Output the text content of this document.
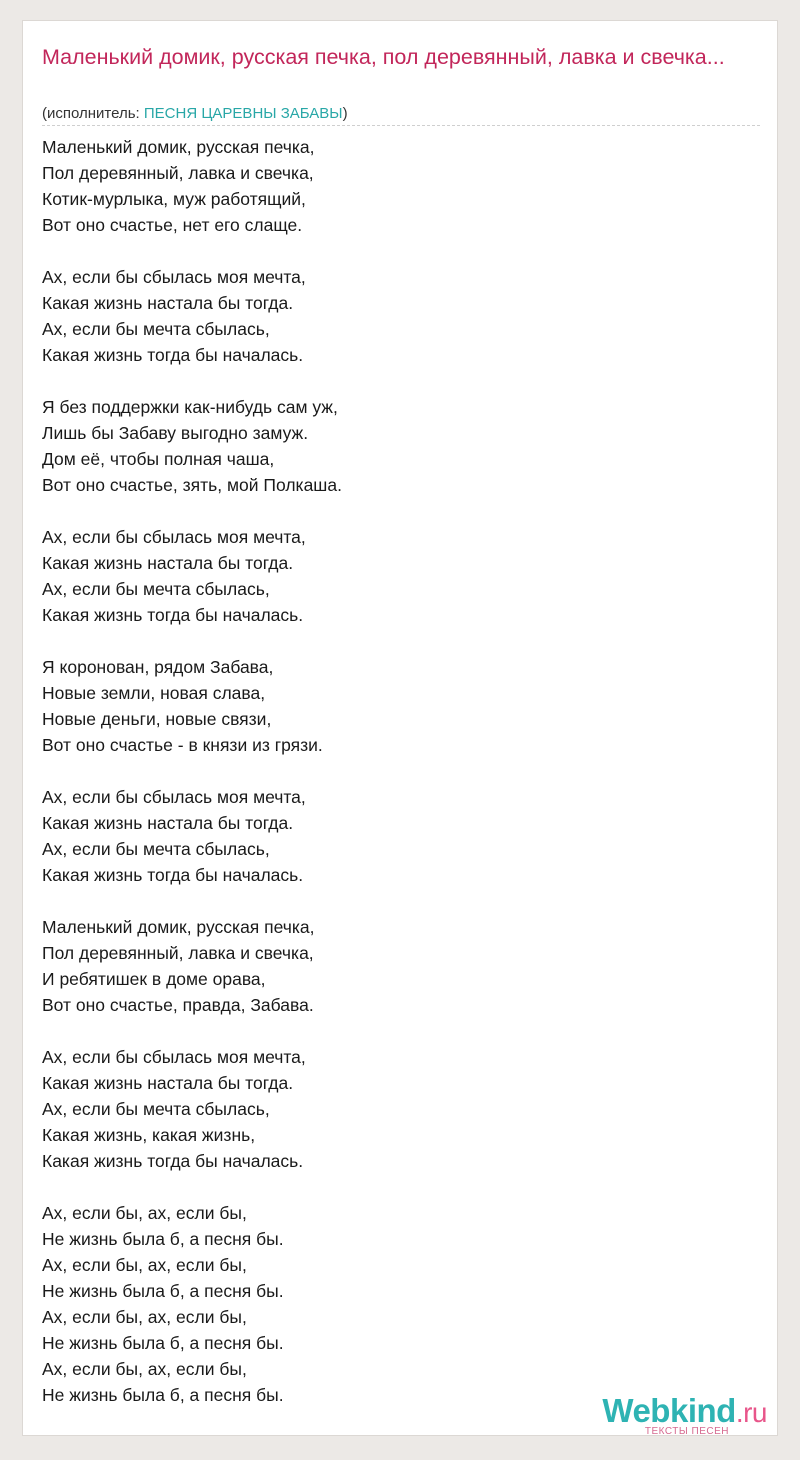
Маленький домик, русская печка, пол деревянный, лавка и свечка...
(исполнитель: ПЕСНЯ ЦАРЕВНЫ ЗАБАВЫ)
Маленький домик, русская печка,
Пол деревянный, лавка и свечка,
Котик-мурлыка, муж работящий,
Вот оно счастье, нет его слаще.
Ах, если бы сбылась моя мечта,
Какая жизнь настала бы тогда.
Ах, если бы мечта сбылась,
Какая жизнь тогда бы началась.
Я без поддержки как-нибудь сам уж,
Лишь бы Забаву выгодно замуж.
Дом её, чтобы полная чаша,
Вот оно счастье, зять, мой Полкаша.
Ах, если бы сбылась моя мечта,
Какая жизнь настала бы тогда.
Ах, если бы мечта сбылась,
Какая жизнь тогда бы началась.
Я коронован, рядом Забава,
Новые земли, новая слава,
Новые деньги, новые связи,
Вот оно счастье - в князи из грязи.
Ах, если бы сбылась моя мечта,
Какая жизнь настала бы тогда.
Ах, если бы мечта сбылась,
Какая жизнь тогда бы началась.
Маленький домик, русская печка,
Пол деревянный, лавка и свечка,
И ребятишек в доме орава,
Вот оно счастье, правда, Забава.
Ах, если бы сбылась моя мечта,
Какая жизнь настала бы тогда.
Ах, если бы мечта сбылась,
Какая жизнь, какая жизнь,
Какая жизнь тогда бы началась.
Ах, если бы, ах, если бы,
Не жизнь была б, а песня бы.
Ах, если бы, ах, если бы,
Не жизнь была б, а песня бы.
Ах, если бы, ах, если бы,
Не жизнь была б, а песня бы.
Ах, если бы, ах, если бы,
Не жизнь была б, а песня бы.	Webkind.ru
ТЕКСТЫ ПЕСЕН
